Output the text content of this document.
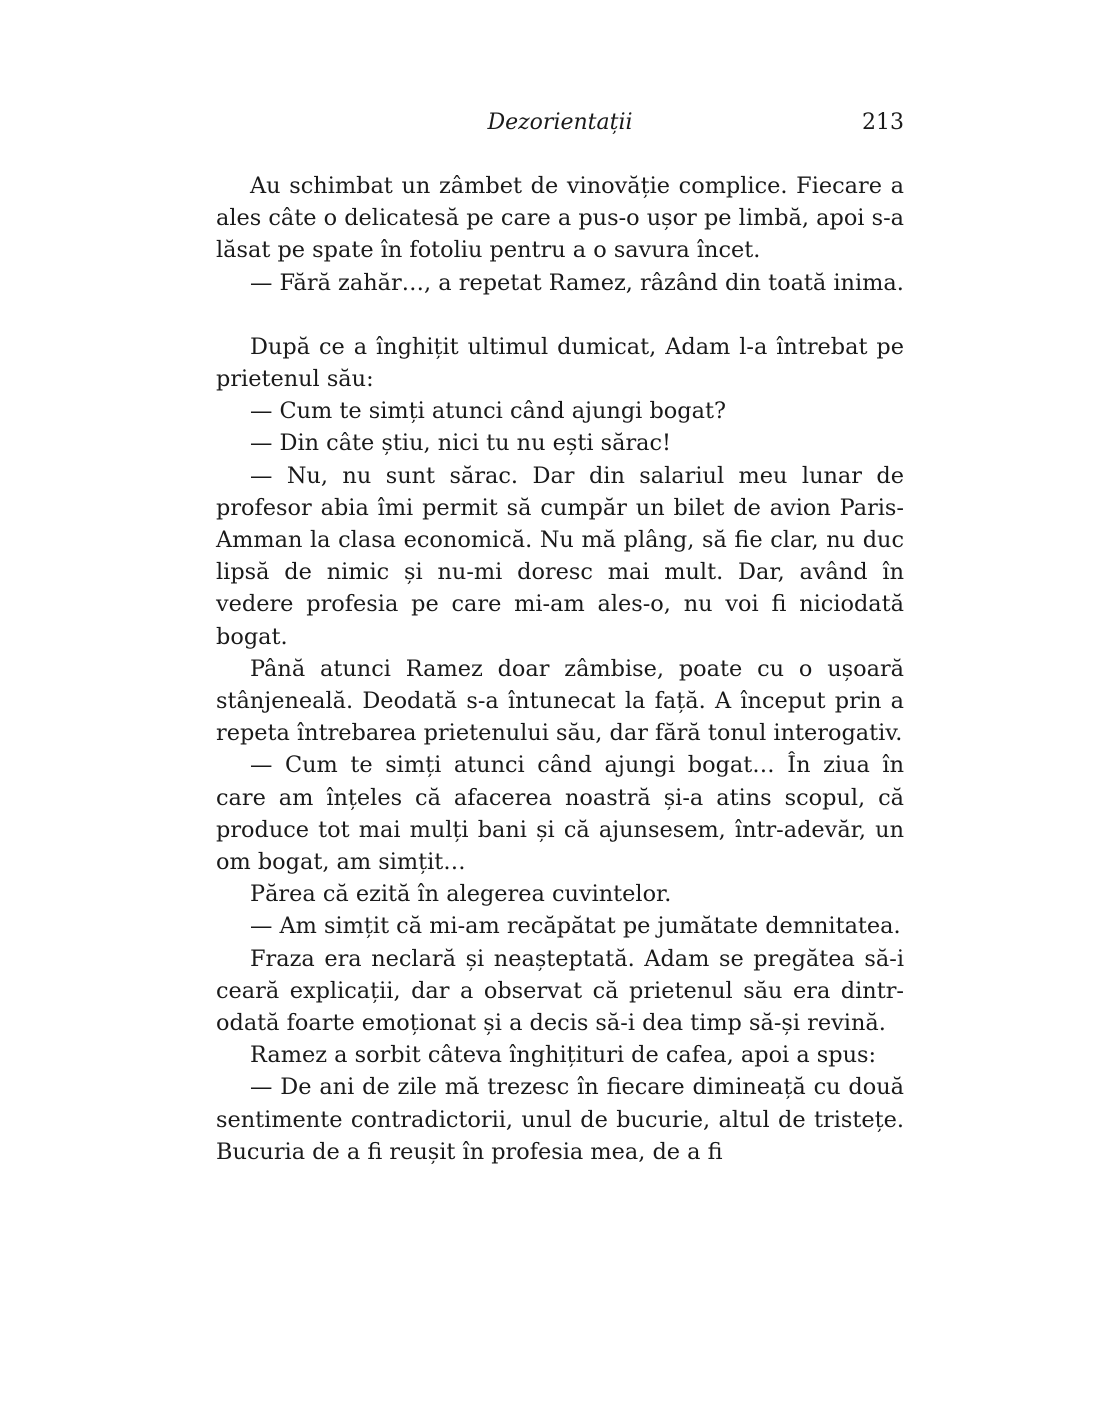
Dezorientații	213

Au schimbat un zâmbet de vinovăție complice. Fiecare a ales câte o delicatesă pe care a pus-o ușor pe limbă, apoi s-a lăsat pe spate în fotoliu pentru a o savura încet.

— Fără zahăr…, a repetat Ramez, râzând din toată inima.

După ce a înghițit ultimul dumicat, Adam l-a întrebat pe prietenul său:

— Cum te simți atunci când ajungi bogat?

— Din câte știu, nici tu nu ești sărac!

— Nu, nu sunt sărac. Dar din salariul meu lunar de profesor abia îmi permit să cumpăr un bilet de avion Paris-Amman la clasa economică. Nu mă plâng, să fie clar, nu duc lipsă de nimic și nu-mi doresc mai mult. Dar, având în vedere profesia pe care mi-am ales-o, nu voi fi niciodată bogat.

Până atunci Ramez doar zâmbise, poate cu o ușoară stânjeneală. Deodată s-a întunecat la față. A început prin a repeta întrebarea prietenului său, dar fără tonul interogativ.

— Cum te simți atunci când ajungi bogat… În ziua în care am înțeles că afacerea noastră și-a atins scopul, că produce tot mai mulți bani și că ajunsesem, într-adevăr, un om bogat, am simțit…

Părea că ezită în alegerea cuvintelor.

— Am simțit că mi-am recăpătat pe jumătate demnitatea.

Fraza era neclară și neașteptată. Adam se pregătea să-i ceară explicații, dar a observat că prietenul său era dintr-odată foarte emoționat și a decis să-i dea timp să-și revină.

Ramez a sorbit câteva înghițituri de cafea, apoi a spus:

— De ani de zile mă trezesc în fiecare dimineață cu două sentimente contradictorii, unul de bucurie, altul de tristețe. Bucuria de a fi reușit în profesia mea, de a fi
